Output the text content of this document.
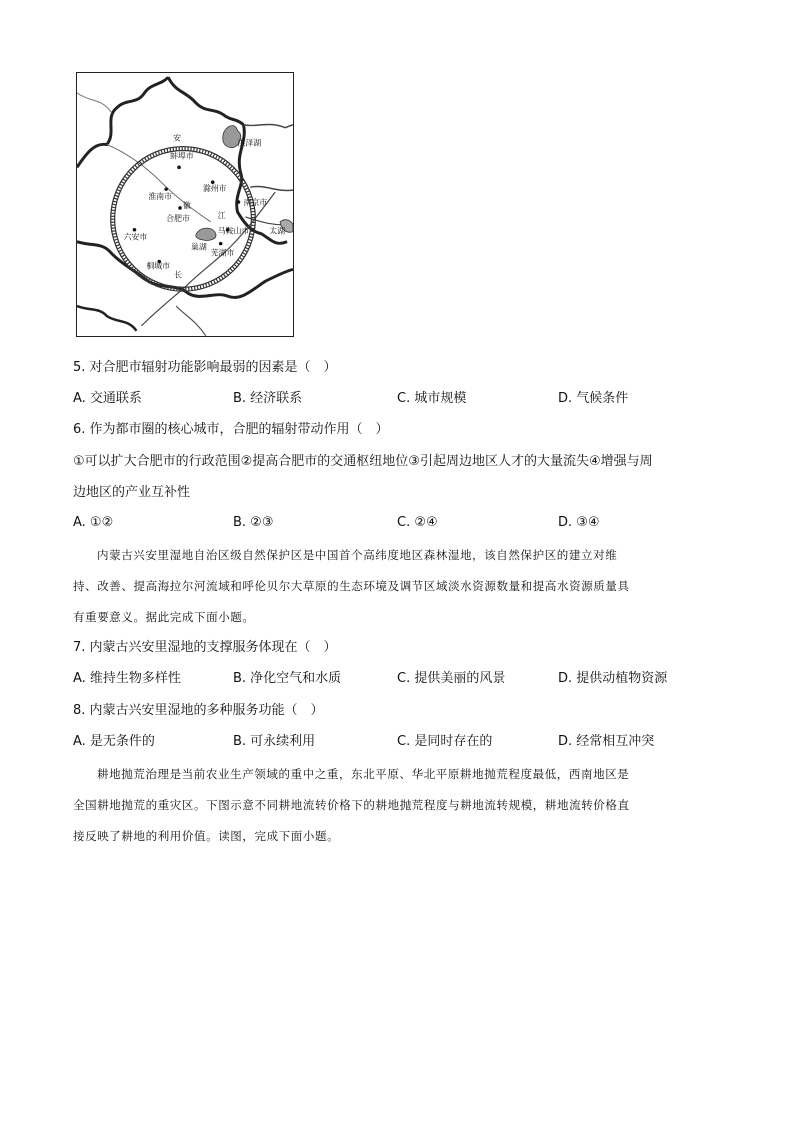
安
蚌埠市
洪泽湖
淮南市
滁州市
徽	南京市
合肥市	江
六安市
巢湖
马鞍山市 太湖
桐城市
芜湖市
长
5. 对合肥市辐射功能影响最弱的因素是（　）
A. 交通联系	B. 经济联系	C. 城市规模	D. 气候条件
6. 作为都市圈的核心城市，合肥的辐射带动作用（　）
①可以扩大合肥市的行政范围②提高合肥市的交通枢纽地位③引起周边地区人才的大量流失④增强与周
边地区的产业互补性
A. ①②	B. ②③	C. ②④	D. ③④

内蒙古兴安里湿地自治区级自然保护区是中国首个高纬度地区森林湿地，该自然保护区的建立对维

持、改善、提高海拉尔河流域和呼伦贝尔大草原的生态环境及调节区域淡水资源数量和提高水资源质量具

有重要意义。据此完成下面小题。

7. 内蒙古兴安里湿地的支撑服务体现在（　）
A. 维持生物多样性	B. 净化空气和水质	C. 提供美丽的风景	D. 提供动植物资源
8. 内蒙古兴安里湿地的多种服务功能（　）
A. 是无条件的	B. 可永续利用	C. 是同时存在的	D. 经常相互冲突

耕地抛荒治理是当前农业生产领域的重中之重，东北平原、华北平原耕地抛荒程度最低，西南地区是

全国耕地抛荒的重灾区。下图示意不同耕地流转价格下的耕地抛荒程度与耕地流转规模，耕地流转价格直

接反映了耕地的利用价值。读图，完成下面小题。
